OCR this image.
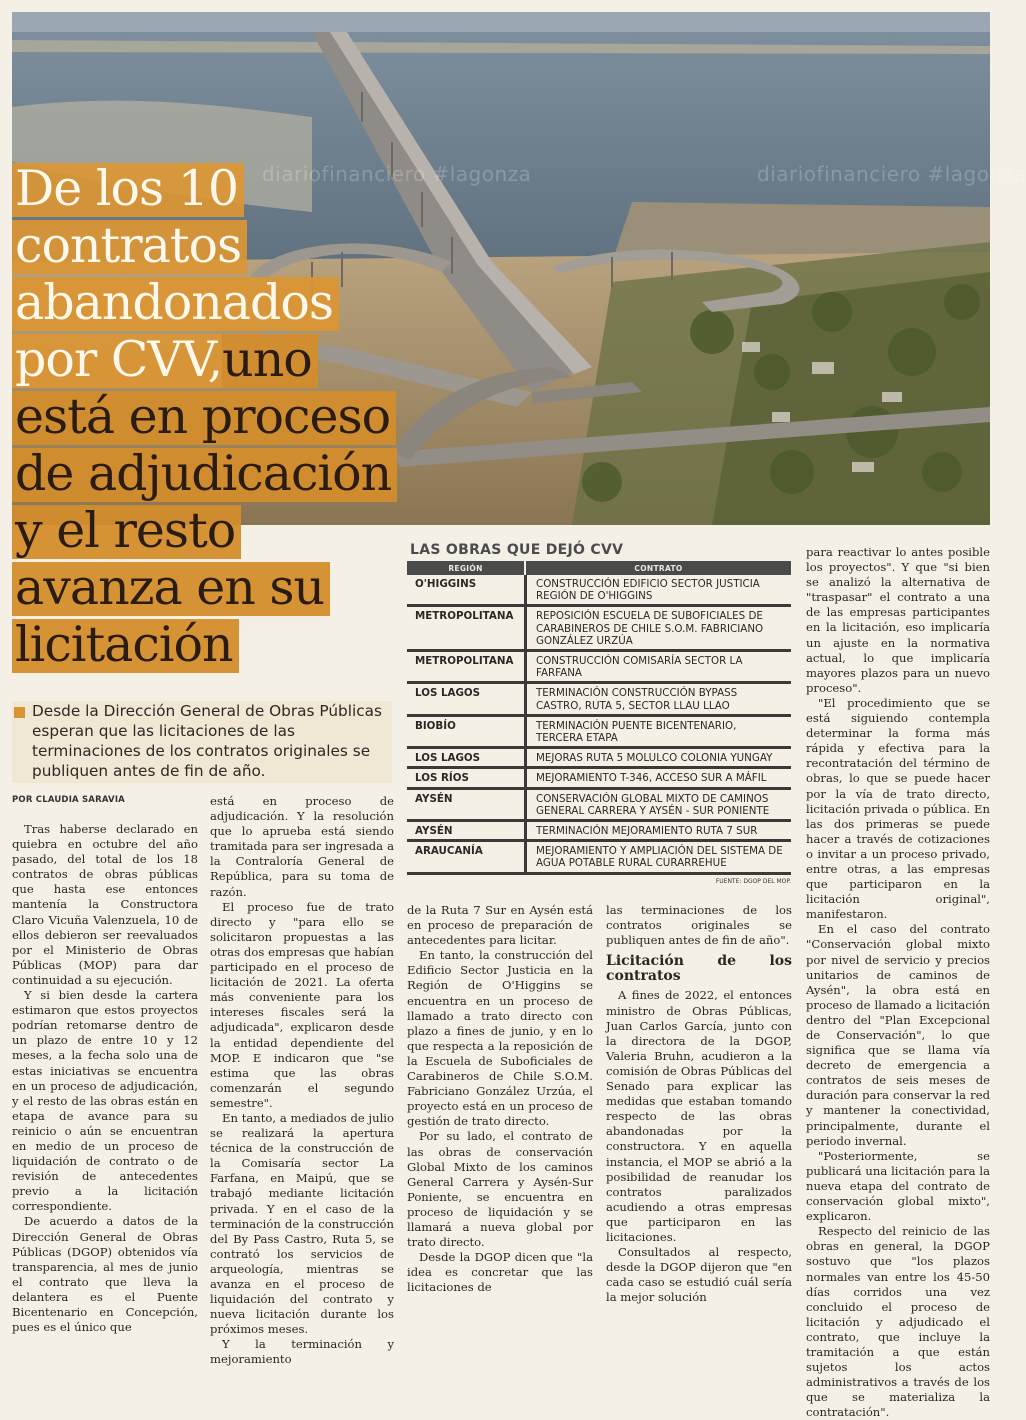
diariofinanciero #lagonza	diariofinanciero #lagonza
De los 10
contratos
abandonados
por CVV,uno
está en proceso
de adjudicación
y el resto
avanza en su
licitación

Desde la Dirección General de Obras Públicas esperan que las licitaciones de las terminaciones de los contratos originales se publiquen antes de fin de año.

POR CLAUDIA SARAVIA

Tras haberse declarado en quiebra en octubre del año pasado, del total de los 18 contratos de obras públicas que hasta ese entonces mantenía la Constructora Claro Vicuña Valenzuela, 10 de ellos debieron ser reevaluados por el Ministerio de Obras Públicas (MOP) para dar continuidad a su ejecución.

Y si bien desde la cartera estimaron que estos proyectos podrían retomarse dentro de un plazo de entre 10 y 12 meses, a la fecha solo una de estas iniciativas se encuentra en un proceso de adjudicación, y el resto de las obras están en etapa de avance para su reinicio o aún se encuentran en medio de un proceso de liquidación de contrato o de revisión de antecedentes previo a la licitación correspondiente.

De acuerdo a datos de la Dirección General de Obras Públicas (DGOP) obtenidos vía transparencia, al mes de junio el contrato que lleva la delantera es el Puente Bicentenario en Concepción, pues es el único que

está en proceso de adjudicación. Y la resolución que lo aprueba está siendo tramitada para ser ingresada a la Contraloría General de República, para su toma de razón.

El proceso fue de trato directo y "para ello se solicitaron propuestas a las otras dos empresas que habían participado en el proceso de licitación de 2021. La oferta más conveniente para los intereses fiscales será la adjudicada", explicaron desde la entidad dependiente del MOP. E indicaron que "se estima que las obras comenzarán el segundo semestre".

En tanto, a mediados de julio se realizará la apertura técnica de la construcción de la Comisaría sector La Farfana, en Maipú, que se trabajó mediante licitación privada. Y en el caso de la terminación de la construcción del By Pass Castro, Ruta 5, se contrató los servicios de arqueología, mientras se avanza en el proceso de liquidación del contrato y nueva licitación durante los próximos meses.

Y la terminación y mejoramiento

LAS OBRAS QUE DEJÓ CVV
REGIÓN	CONTRATO
O'HIGGINS	CONSTRUCCIÓN EDIFICIO SECTOR JUSTICIA REGIÓN DE O'HIGGINS
METROPOLITANA	REPOSICIÓN ESCUELA DE SUBOFICIALES DE CARABINEROS DE CHILE S.O.M. FABRICIANO GONZÁLEZ URZÚA
METROPOLITANA	CONSTRUCCIÓN COMISARÍA SECTOR LA FARFANA
LOS LAGOS	TERMINACIÓN CONSTRUCCIÓN BYPASS CASTRO, RUTA 5, SECTOR LLAU LLAO
BIOBÍO	TERMINACIÓN PUENTE BICENTENARIO, TERCERA ETAPA
LOS LAGOS	MEJORAS RUTA 5 MOLULCO COLONIA YUNGAY
LOS RÍOS	MEJORAMIENTO T-346, ACCESO SUR A MÁFIL
AYSÉN	CONSERVACIÓN GLOBAL MIXTO DE CAMINOS GENERAL CARRERA Y AYSÉN - SUR PONIENTE
AYSÉN	TERMINACIÓN MEJORAMIENTO RUTA 7 SUR
ARAUCANÍA	MEJORAMIENTO Y AMPLIACIÓN DEL SISTEMA DE AGUA POTABLE RURAL CURARREHUE
FUENTE: DGOP DEL MOP.

de la Ruta 7 Sur en Aysén está en proceso de preparación de antecedentes para licitar.

En tanto, la construcción del Edificio Sector Justicia en la Región de O'Higgins se encuentra en un proceso de llamado a trato directo con plazo a fines de junio, y en lo que respecta a la reposición de la Escuela de Suboficiales de Carabineros de Chile S.O.M. Fabriciano González Urzúa, el proyecto está en un proceso de gestión de trato directo.

Por su lado, el contrato de las obras de conservación Global Mixto de los caminos General Carrera y Aysén-Sur Poniente, se encuentra en proceso de liquidación y se llamará a nueva global por trato directo.

Desde la DGOP dicen que "la idea es concretar que las licitaciones de

las terminaciones de los contratos originales se publiquen antes de fin de año".

Licitación de los contratos

A fines de 2022, el entonces ministro de Obras Públicas, Juan Carlos García, junto con la directora de la DGOP, Valeria Bruhn, acudieron a la comisión de Obras Públicas del Senado para explicar las medidas que estaban tomando respecto de las obras abandonadas por la constructora. Y en aquella instancia, el MOP se abrió a la posibilidad de reanudar los contratos paralizados acudiendo a otras empresas que participaron en las licitaciones.

Consultados al respecto, desde la DGOP dijeron que "en cada caso se estudió cuál sería la mejor solución

para reactivar lo antes posible los proyectos". Y que "si bien se analizó la alternativa de "traspasar" el contrato a una de las empresas participantes en la licitación, eso implicaría un ajuste en la normativa actual, lo que implicaría mayores plazos para un nuevo proceso".

"El procedimiento que se está siguiendo contempla determinar la forma más rápida y efectiva para la recontratación del término de obras, lo que se puede hacer por la vía de trato directo, licitación privada o pública. En las dos primeras se puede hacer a través de cotizaciones o invitar a un proceso privado, entre otras, a las empresas que participaron en la licitación original", manifestaron.

En el caso del contrato "Conservación global mixto por nivel de servicio y precios unitarios de caminos de Aysén", la obra está en proceso de llamado a licitación dentro del "Plan Excepcional de Conservación", lo que significa que se llama vía decreto de emergencia a contratos de seis meses de duración para conservar la red y mantener la conectividad, principalmente, durante el periodo invernal.

"Posteriormente, se publicará una licitación para la nueva etapa del contrato de conservación global mixto", explicaron.

Respecto del reinicio de las obras en general, la DGOP sostuvo que "los plazos normales van entre los 45-50 días corridos una vez concluido el proceso de licitación y adjudicado el contrato, que incluye la tramitación a que están sujetos los actos administrativos a través de los que se materializa la contratación".
